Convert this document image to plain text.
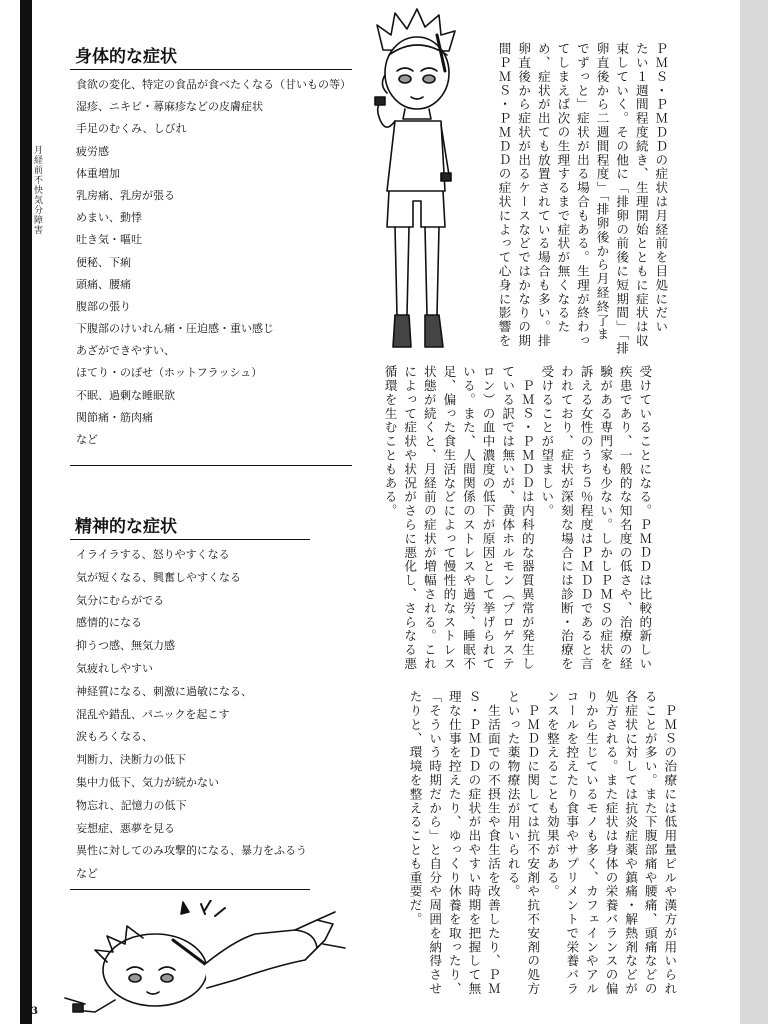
月経前不快気分障害
23
身体的な症状
食欲の変化、特定の食品が食べたくなる（甘いもの等）
湿疹、ニキビ・蕁麻疹などの皮膚症状
手足のむくみ、しびれ
疲労感
体重増加
乳房痛、乳房が張る
めまい、動悸
吐き気・嘔吐
便秘、下痢
頭痛、腰痛
腹部の張り
下腹部のけいれん痛・圧迫感・重い感じ
あざができやすい、
ほてり・のぼせ（ホットフラッシュ）
不眠、過剰な睡眠欲
関節痛・筋肉痛
など
精神的な症状
イライラする、怒りやすくなる
気が短くなる、興奮しやすくなる
気分にむらがでる
感情的になる
抑うつ感、無気力感
気疲れしやすい
神経質になる、刺激に過敏になる、
混乱や錯乱、パニックを起こす
涙もろくなる、
判断力、決断力の低下
集中力低下、気力が続かない
物忘れ、記憶力の低下
妄想症、悪夢を見る
異性に対してのみ攻撃的になる、暴力をふるう
など
ＰＭＳ・ＰＭＤＤの症状は月経前を目処にだい
たい１週間程度続き、生理開始とともに症状は収
束していく。その他に「排卵の前後に短期間」「排
卵直後から二週間程度」「排卵後から月経終了ま
でずっと」症状が出る場合もある。生理が終わっ
てしまえば次の生理するまで症状が無くなるた
め、症状が出ても放置されている場合も多い。排
卵直後から症状が出るケースなどではかなりの期
間ＰＭＳ・ＰＭＤＤの症状によって心身に影響を
受けていることになる。ＰＭＤＤは比較的新しい
疾患であり、一般的な知名度の低さや、治療の経
験がある専門家も少ない。しかしＰＭＳの症状を
訴える女性のうち５％程度はＰＭＤＤであると言
われており、症状が深刻な場合には診断・治療を
受けることが望ましい。
　ＰＭＳ・ＰＭＤＤは内科的な器質異常が発生し
ている訳では無いが、黄体ホルモン（プロゲステ
ロン）の血中濃度の低下が原因として挙げられて
いる。また、人間関係のストレスや過労、睡眠不
足、偏った食生活などによって慢性的なストレス
状態が続くと、月経前の症状が増幅される。これ
によって症状や状況がさらに悪化し、さらなる悪
循環を生むこともある。
　ＰＭＳの治療には低用量ピルや漢方が用いられ
ることが多い。また下腹部痛や腰痛、頭痛などの
各症状に対しては抗炎症薬や鎮痛・解熱剤などが
処方される。また症状は身体の栄養バランスの偏
りから生じているモノも多く、カフェインやアル
コールを控えたり食事やサプリメントで栄養バラ
ンスを整えることも効果がある。
　ＰＭＤＤに関しては抗不安剤や抗不安剤の処方
といった薬物療法が用いられる。
　生活面での不摂生や食生活を改善したり、ＰＭ
Ｓ・ＰＭＤＤの症状が出やすい時期を把握して無
理な仕事を控えたり、ゆっくり休養を取ったり、
「そういう時期だから」と自分や周囲を納得させ
たりと、環境を整えることも重要だ。
